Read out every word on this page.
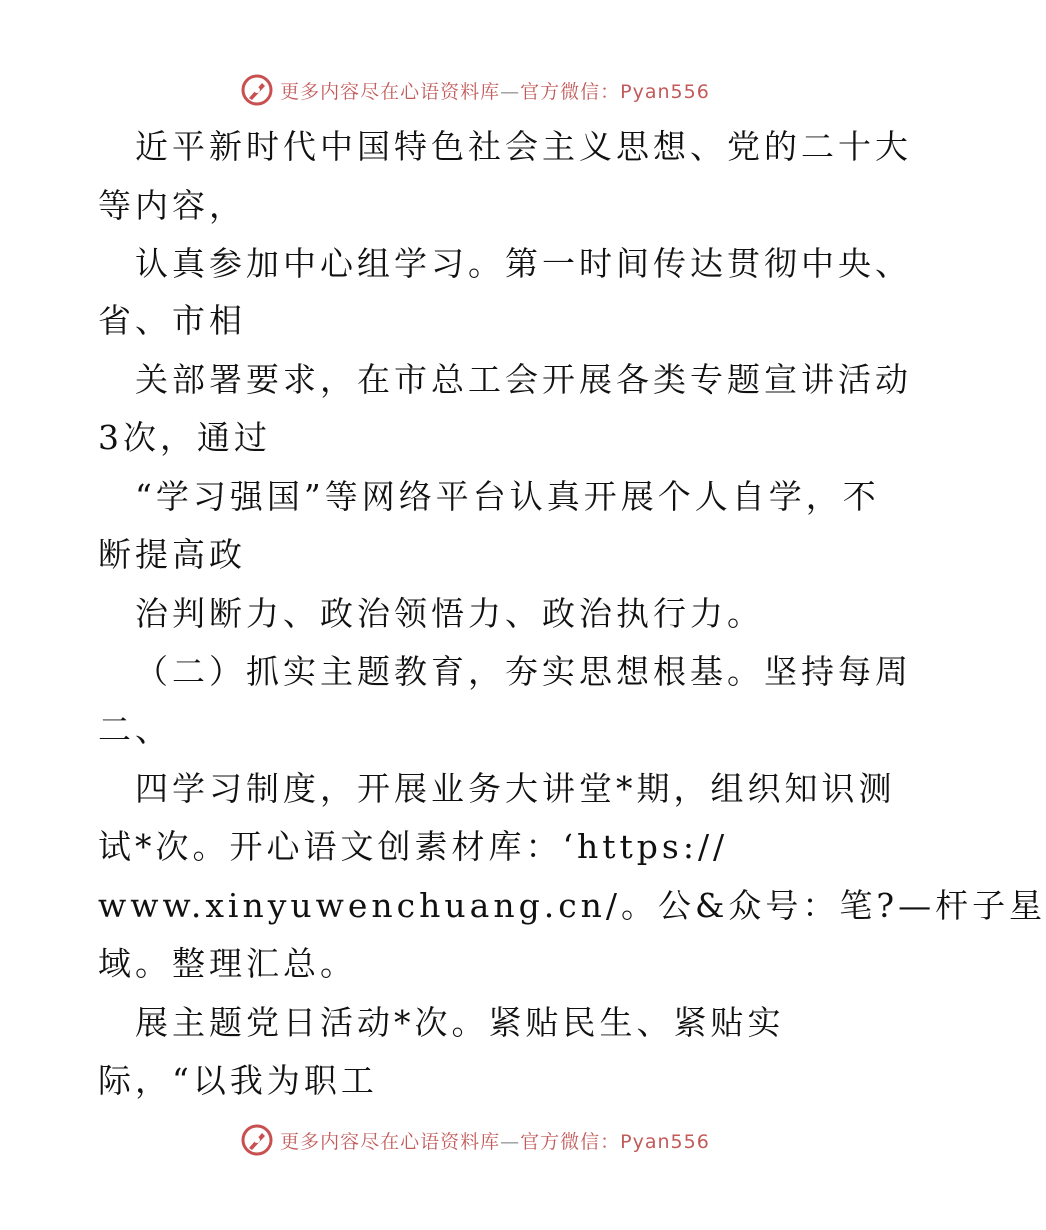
更多内容尽在心语资料库—官方微信：Pyan556
近平新时代中国特色社会主义思想、党的二十大
等内容，
认真参加中心组学习。第一时间传达贯彻中央、
省、市相
关部署要求，在市总工会开展各类专题宣讲活动
3次，通过
“学习强国”等网络平台认真开展个人自学，不
断提高政
治判断力、政治领悟力、政治执行力。
（二）抓实主题教育，夯实思想根基。坚持每周
二、
四学习制度，开展业务大讲堂*期，组织知识测
试*次。开心语文创素材库：‘https://
www.xinyuwenchuang.cn/。公&众号：笔?—杆子星
域。整理汇总。
展主题党日活动*次。紧贴民生、紧贴实
际，“以我为职工
更多内容尽在心语资料库—官方微信：Pyan556
